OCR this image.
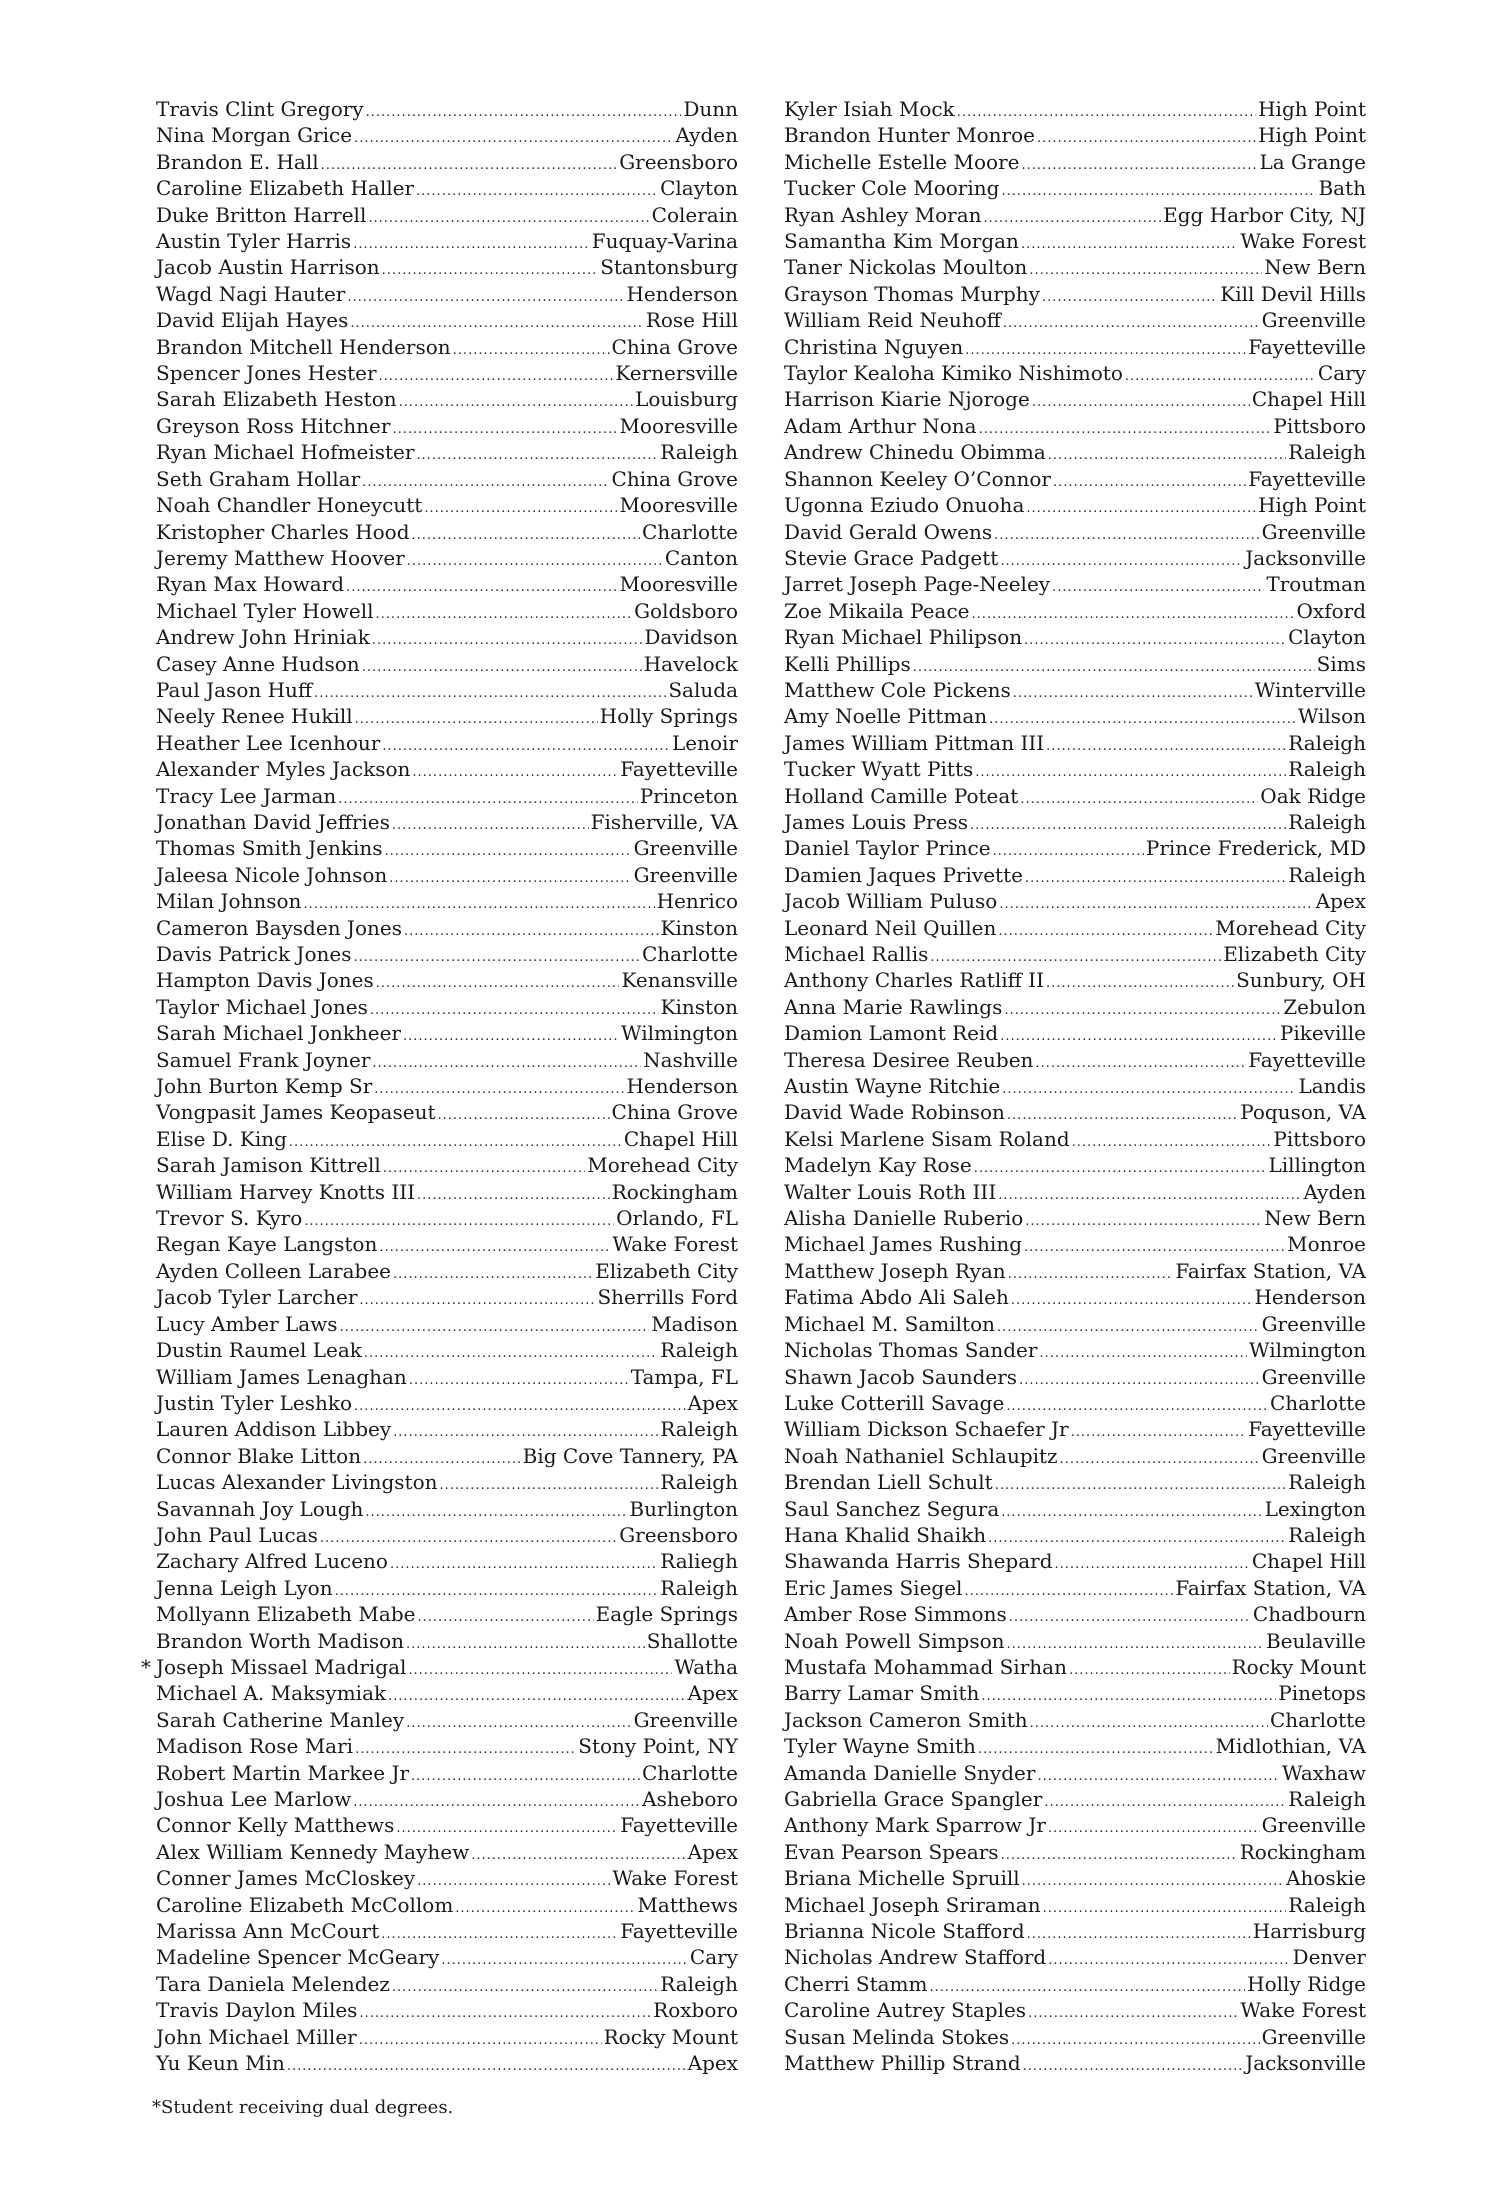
Travis Clint Gregory .....	Dunn
Nina Morgan Grice .....	Ayden
Brandon E. Hall .....	Greensboro
Caroline Elizabeth Haller .....	Clayton
Duke Britton Harrell .....	Colerain
Austin Tyler Harris .....	Fuquay-Varina
Jacob Austin Harrison .....	Stantonsburg
Wagd Nagi Hauter .....	Henderson
David Elijah Hayes .....	Rose Hill
Brandon Mitchell Henderson .....	China Grove
Spencer Jones Hester .....	Kernersville
Sarah Elizabeth Heston .....	Louisburg
Greyson Ross Hitchner .....	Mooresville
Ryan Michael Hofmeister .....	Raleigh
Seth Graham Hollar .....	China Grove
Noah Chandler Honeycutt .....	Mooresville
Kristopher Charles Hood .....	Charlotte
Jeremy Matthew Hoover .....	Canton
Ryan Max Howard .....	Mooresville
Michael Tyler Howell .....	Goldsboro
Andrew John Hriniak .....	Davidson
Casey Anne Hudson .....	Havelock
Paul Jason Huff .....	Saluda
Neely Renee Hukill .....	Holly Springs
Heather Lee Icenhour .....	Lenoir
Alexander Myles Jackson .....	Fayetteville
Tracy Lee Jarman .....	Princeton
Jonathan David Jeffries .....	Fisherville, VA
Thomas Smith Jenkins .....	Greenville
Jaleesa Nicole Johnson .....	Greenville
Milan Johnson .....	Henrico
Cameron Baysden Jones .....	Kinston
Davis Patrick Jones .....	Charlotte
Hampton Davis Jones .....	Kenansville
Taylor Michael Jones .....	Kinston
Sarah Michael Jonkheer .....	Wilmington
Samuel Frank Joyner .....	Nashville
John Burton Kemp Sr .....	Henderson
Vongpasit James Keopaseut .....	China Grove
Elise D. King .....	Chapel Hill
Sarah Jamison Kittrell .....	Morehead City
William Harvey Knotts III .....	Rockingham
Trevor S. Kyro .....	Orlando, FL
Regan Kaye Langston .....	Wake Forest
Ayden Colleen Larabee .....	Elizabeth City
Jacob Tyler Larcher .....	Sherrills Ford
Lucy Amber Laws .....	Madison
Dustin Raumel Leak .....	Raleigh
William James Lenaghan .....	Tampa, FL
Justin Tyler Leshko .....	Apex
Lauren Addison Libbey .....	Raleigh
Connor Blake Litton .....	Big Cove Tannery, PA
Lucas Alexander Livingston .....	Raleigh
Savannah Joy Lough .....	Burlington
John Paul Lucas .....	Greensboro
Zachary Alfred Luceno .....	Raliegh
Jenna Leigh Lyon .....	Raleigh
Mollyann Elizabeth Mabe .....	Eagle Springs
Brandon Worth Madison .....	Shallotte
* Joseph Missael Madrigal .....	Watha
Michael A. Maksymiak .....	Apex
Sarah Catherine Manley .....	Greenville
Madison Rose Mari .....	Stony Point, NY
Robert Martin Markee Jr .....	Charlotte
Joshua Lee Marlow .....	Asheboro
Connor Kelly Matthews .....	Fayetteville
Alex William Kennedy Mayhew .....	Apex
Conner James McCloskey .....	Wake Forest
Caroline Elizabeth McCollom .....	Matthews
Marissa Ann McCourt .....	Fayetteville
Madeline Spencer McGeary .....	Cary
Tara Daniela Melendez .....	Raleigh
Travis Daylon Miles .....	Roxboro
John Michael Miller .....	Rocky Mount
Yu Keun Min .....	Apex
Kyler Isiah Mock .....	High Point
Brandon Hunter Monroe .....	High Point
Michelle Estelle Moore .....	La Grange
Tucker Cole Mooring .....	Bath
Ryan Ashley Moran .....	Egg Harbor City, NJ
Samantha Kim Morgan .....	Wake Forest
Taner Nickolas Moulton .....	New Bern
Grayson Thomas Murphy .....	Kill Devil Hills
William Reid Neuhoff .....	Greenville
Christina Nguyen .....	Fayetteville
Taylor Kealoha Kimiko Nishimoto .....	Cary
Harrison Kiarie Njoroge .....	Chapel Hill
Adam Arthur Nona .....	Pittsboro
Andrew Chinedu Obimma .....	Raleigh
Shannon Keeley O’Connor .....	Fayetteville
Ugonna Eziudo Onuoha .....	High Point
David Gerald Owens .....	Greenville
Stevie Grace Padgett .....	Jacksonville
Jarret Joseph Page-Neeley .....	Troutman
Zoe Mikaila Peace .....	Oxford
Ryan Michael Philipson .....	Clayton
Kelli Phillips .....	Sims
Matthew Cole Pickens .....	Winterville
Amy Noelle Pittman .....	Wilson
James William Pittman III .....	Raleigh
Tucker Wyatt Pitts .....	Raleigh
Holland Camille Poteat .....	Oak Ridge
James Louis Press .....	Raleigh
Daniel Taylor Prince .....	Prince Frederick, MD
Damien Jaques Privette .....	Raleigh
Jacob William Puluso .....	Apex
Leonard Neil Quillen .....	Morehead City
Michael Rallis .....	Elizabeth City
Anthony Charles Ratliff II .....	Sunbury, OH
Anna Marie Rawlings .....	Zebulon
Damion Lamont Reid .....	Pikeville
Theresa Desiree Reuben .....	Fayetteville
Austin Wayne Ritchie .....	Landis
David Wade Robinson .....	Poquson, VA
Kelsi Marlene Sisam Roland .....	Pittsboro
Madelyn Kay Rose .....	Lillington
Walter Louis Roth III .....	Ayden
Alisha Danielle Ruberio .....	New Bern
Michael James Rushing .....	Monroe
Matthew Joseph Ryan .....	Fairfax Station, VA
Fatima Abdo Ali Saleh .....	Henderson
Michael M. Samilton .....	Greenville
Nicholas Thomas Sander .....	Wilmington
Shawn Jacob Saunders .....	Greenville
Luke Cotterill Savage .....	Charlotte
William Dickson Schaefer Jr .....	Fayetteville
Noah Nathaniel Schlaupitz .....	Greenville
Brendan Liell Schult .....	Raleigh
Saul Sanchez Segura .....	Lexington
Hana Khalid Shaikh .....	Raleigh
Shawanda Harris Shepard .....	Chapel Hill
Eric James Siegel .....	Fairfax Station, VA
Amber Rose Simmons .....	Chadbourn
Noah Powell Simpson .....	Beulaville
Mustafa Mohammad Sirhan .....	Rocky Mount
Barry Lamar Smith .....	Pinetops
Jackson Cameron Smith .....	Charlotte
Tyler Wayne Smith .....	Midlothian, VA
Amanda Danielle Snyder .....	Waxhaw
Gabriella Grace Spangler .....	Raleigh
Anthony Mark Sparrow Jr .....	Greenville
Evan Pearson Spears .....	Rockingham
Briana Michelle Spruill .....	Ahoskie
Michael Joseph Sriraman .....	Raleigh
Brianna Nicole Stafford .....	Harrisburg
Nicholas Andrew Stafford .....	Denver
Cherri Stamm .....	Holly Ridge
Caroline Autrey Staples .....	Wake Forest
Susan Melinda Stokes .....	Greenville
Matthew Phillip Strand .....	Jacksonville
*Student receiving dual degrees.
